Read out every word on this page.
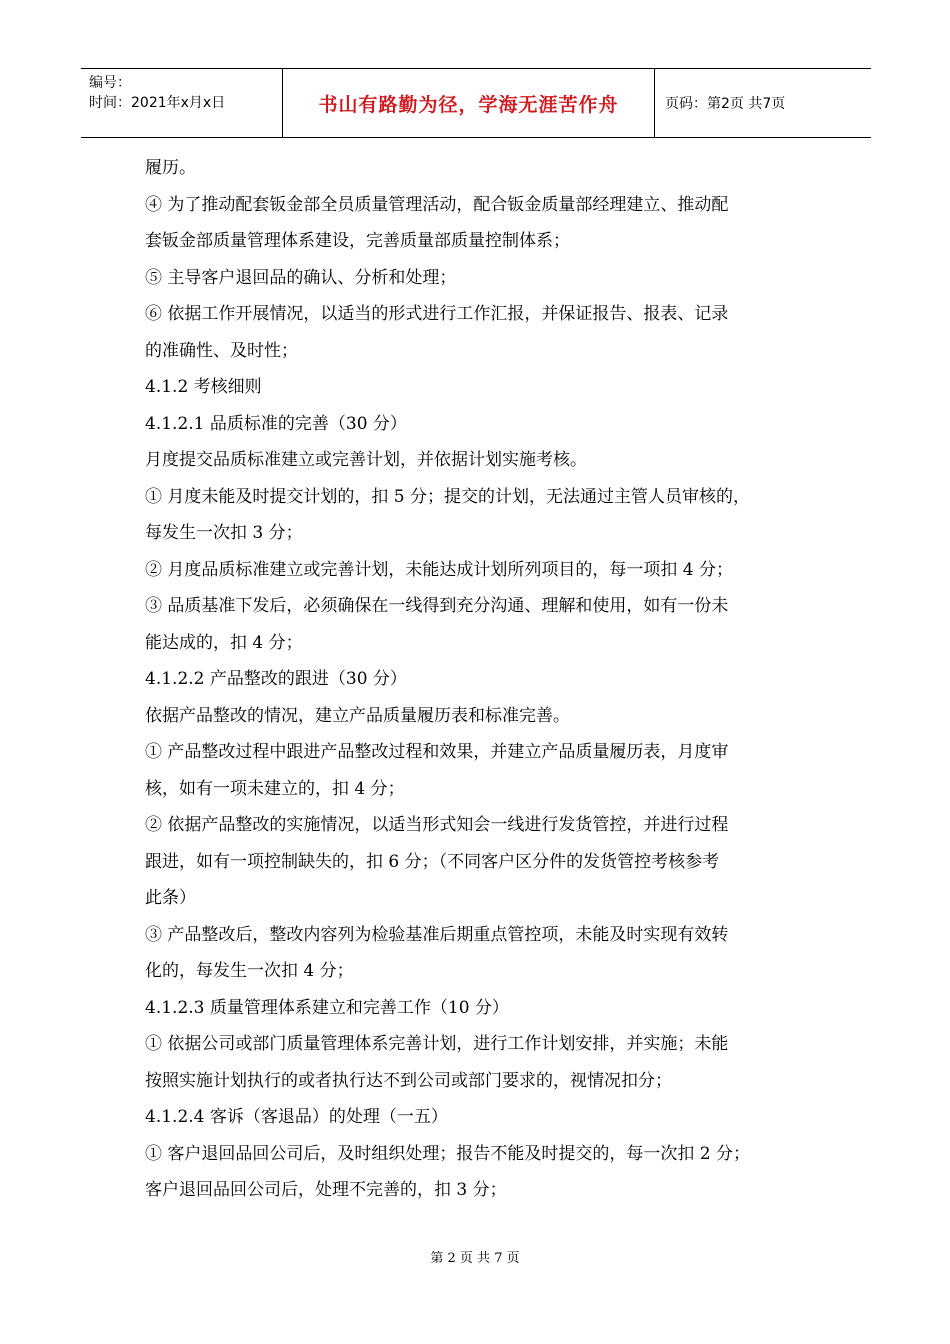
编号：
时间：2021年x月x日	书山有路勤为径，学海无涯苦作舟	页码：第2页 共7页
履历。
④ 为了推动配套钣金部全员质量管理活动，配合钣金质量部经理建立、推动配
套钣金部质量管理体系建设，完善质量部质量控制体系；
⑤ 主导客户退回品的确认、分析和处理；
⑥ 依据工作开展情况，以适当的形式进行工作汇报，并保证报告、报表、记录
的准确性、及时性；
4.1.2 考核细则
4.1.2.1 品质标准的完善（30 分）
月度提交品质标准建立或完善计划，并依据计划实施考核。
① 月度未能及时提交计划的，扣 5 分；提交的计划，无法通过主管人员审核的，
每发生一次扣 3 分；
② 月度品质标准建立或完善计划，未能达成计划所列项目的，每一项扣 4 分；
③ 品质基准下发后，必须确保在一线得到充分沟通、理解和使用，如有一份未
能达成的，扣 4 分；
4.1.2.2 产品整改的跟进（30 分）
依据产品整改的情况，建立产品质量履历表和标准完善。
① 产品整改过程中跟进产品整改过程和效果，并建立产品质量履历表，月度审
核，如有一项未建立的，扣 4 分；
② 依据产品整改的实施情况，以适当形式知会一线进行发货管控，并进行过程
跟进，如有一项控制缺失的，扣 6 分；（不同客户区分件的发货管控考核参考
此条）
③ 产品整改后，整改内容列为检验基准后期重点管控项，未能及时实现有效转
化的，每发生一次扣 4 分；
4.1.2.3 质量管理体系建立和完善工作（10 分）
① 依据公司或部门质量管理体系完善计划，进行工作计划安排，并实施；未能
按照实施计划执行的或者执行达不到公司或部门要求的，视情况扣分；
4.1.2.4 客诉（客退品）的处理（一五）
① 客户退回品回公司后，及时组织处理；报告不能及时提交的，每一次扣 2 分；
客户退回品回公司后，处理不完善的，扣 3 分；
第 2 页 共 7 页
